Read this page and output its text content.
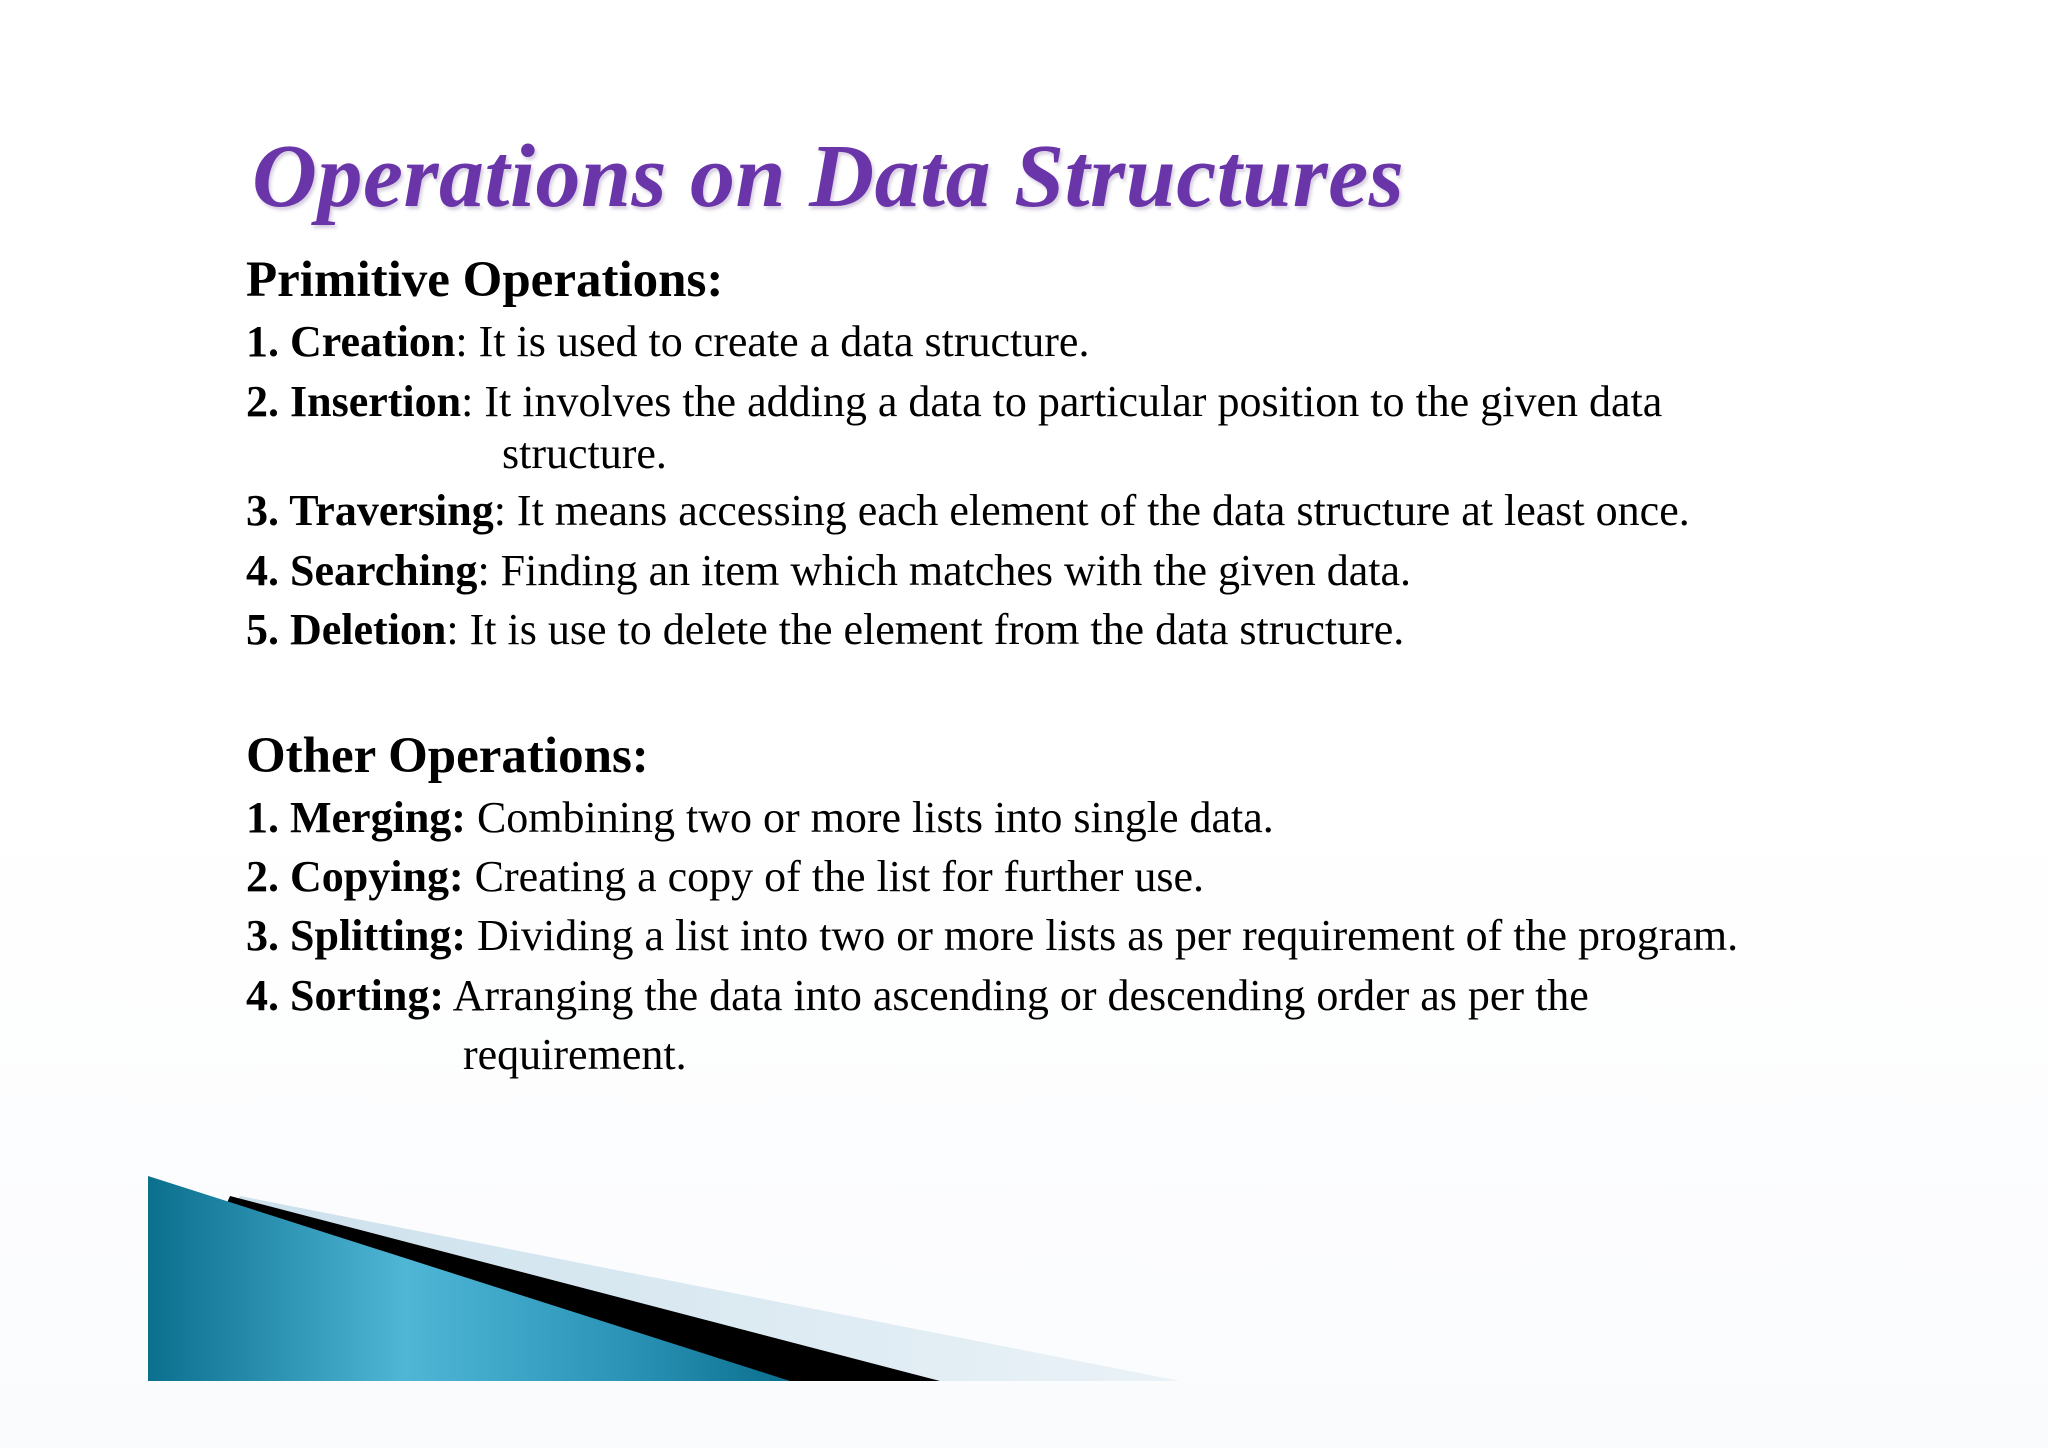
Operations on Data Structures
Primitive Operations:

1. Creation: It is used to create a data structure.

2. Insertion: It involves the adding a data to particular position to the given data

structure.

3. Traversing: It means accessing each element of the data structure at least once.

4. Searching: Finding an item which matches with the given data.

5. Deletion: It is use to delete the element from the data structure.

Other Operations:

1. Merging: Combining two or more lists into single data.

2. Copying: Creating a copy of the list for further use.

3. Splitting: Dividing a list into two or more lists as per requirement of the program.

4. Sorting: Arranging the data into ascending or descending order as per the

requirement.
